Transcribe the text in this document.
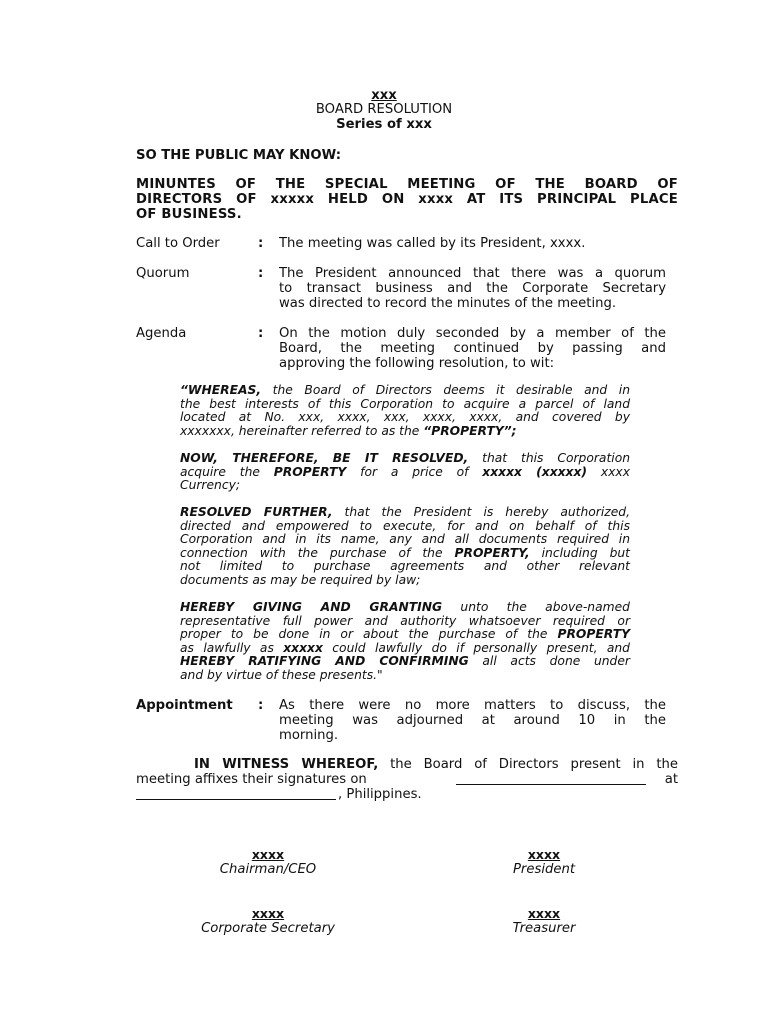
xxx
BOARD RESOLUTION
Series of xxx
SO THE PUBLIC MAY KNOW:

MINUNTES OF THE SPECIAL MEETING OF THE BOARD OF

DIRECTORS OF xxxxx HELD ON xxxx AT ITS PRINCIPAL PLACE

OF BUSINESS.

Call to Order	:	The meeting was called by its President, xxxx.
Quorum	:	The President announced that there was a quorum

to transact business and the Corporate Secretary

was directed to record the minutes of the meeting.

Agenda	:	On the motion duly seconded by a member of the

Board, the meeting continued by passing and

approving the following resolution, to wit:

“WHEREAS, the Board of Directors deems it desirable and in

the best interests of this Corporation to acquire a parcel of land

located at No. xxx, xxxx, xxx, xxxx, xxxx, and covered by

xxxxxxx, hereinafter referred to as the “PROPERTY”;

NOW, THEREFORE, BE IT RESOLVED, that this Corporation

acquire the PROPERTY for a price of xxxxx (xxxxx) xxxx

Currency;

RESOLVED FURTHER, that the President is hereby authorized,

directed and empowered to execute, for and on behalf of this

Corporation and in its name, any and all documents required in

connection with the purchase of the PROPERTY, including but

not limited to purchase agreements and other relevant

documents as may be required by law;

HEREBY GIVING AND GRANTING unto the above-named

representative full power and authority whatsoever required or

proper to be done in or about the purchase of the PROPERTY

as lawfully as xxxxx could lawfully do if personally present, and

HEREBY RATIFYING AND CONFIRMING all acts done under

and by virtue of these presents."

Appointment	:	As there were no more matters to discuss, the

meeting was adjourned at around 10 in the

morning.

IN WITNESS WHEREOF, the Board of Directors present in the

meeting affixes their signatures on	at

, Philippines.

xxxx
Chairman/CEO
xxxx
President
xxxx
Corporate Secretary
xxxx
Treasurer
